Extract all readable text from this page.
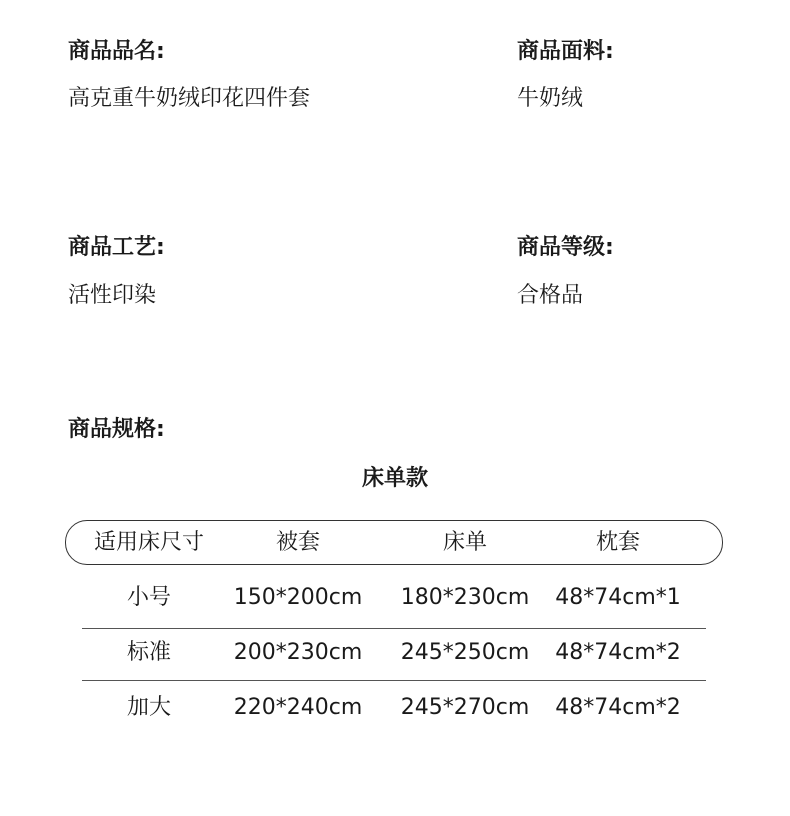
商品品名:
高克重牛奶绒印花四件套
商品面料:
牛奶绒
商品工艺:
活性印染
商品等级:
合格品
商品规格:
床单款
适用床尺寸	被套	床单	枕套
小号	150*200cm	180*230cm	48*74cm*1
标准	200*230cm	245*250cm	48*74cm*2
加大	220*240cm	245*270cm	48*74cm*2
